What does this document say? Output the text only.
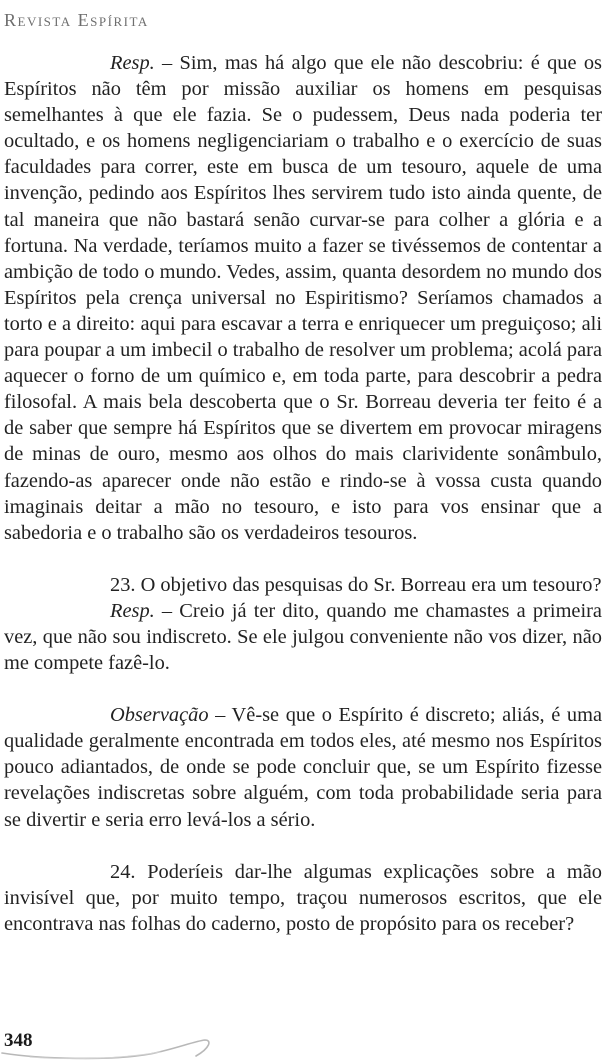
Revista Espírita

Resp. – Sim, mas há algo que ele não descobriu: é que os Espíritos não têm por missão auxiliar os homens em pesquisas semelhantes à que ele fazia. Se o pudessem, Deus nada poderia ter ocultado, e os homens negligenciariam o trabalho e o exercício de suas faculdades para correr, este em busca de um tesouro, aquele de uma invenção, pedindo aos Espíritos lhes servirem tudo isto ainda quente, de tal maneira que não bastará senão curvar-se para colher a glória e a fortuna. Na verdade, teríamos muito a fazer se tivéssemos de contentar a ambição de todo o mundo. Vedes, assim, quanta desordem no mundo dos Espíritos pela crença universal no Espiritismo? Seríamos chamados a torto e a direito: aqui para escavar a terra e enriquecer um preguiçoso; ali para poupar a um imbecil o trabalho de resolver um problema; acolá para aquecer o forno de um químico e, em toda parte, para descobrir a pedra filosofal. A mais bela descoberta que o Sr. Borreau deveria ter feito é a de saber que sempre há Espíritos que se divertem em provocar miragens de minas de ouro, mesmo aos olhos do mais clarividente sonâmbulo, fazendo-as aparecer onde não estão e rindo-se à vossa custa quando imaginais deitar a mão no tesouro, e isto para vos ensinar que a sabedoria e o trabalho são os verdadeiros tesouros.

23. O objetivo das pesquisas do Sr. Borreau era um tesouro?

Resp. – Creio já ter dito, quando me chamastes a primeira vez, que não sou indiscreto. Se ele julgou conveniente não vos dizer, não me compete fazê-lo.

Observação – Vê-se que o Espírito é discreto; aliás, é uma qualidade geralmente encontrada em todos eles, até mesmo nos Espíritos pouco adiantados, de onde se pode concluir que, se um Espírito fizesse revelações indiscretas sobre alguém, com toda probabilidade seria para se divertir e seria erro levá-los a sério.

24. Poderíeis dar-lhe algumas explicações sobre a mão invisível que, por muito tempo, traçou numerosos escritos, que ele encontrava nas folhas do caderno, posto de propósito para os receber?

348
